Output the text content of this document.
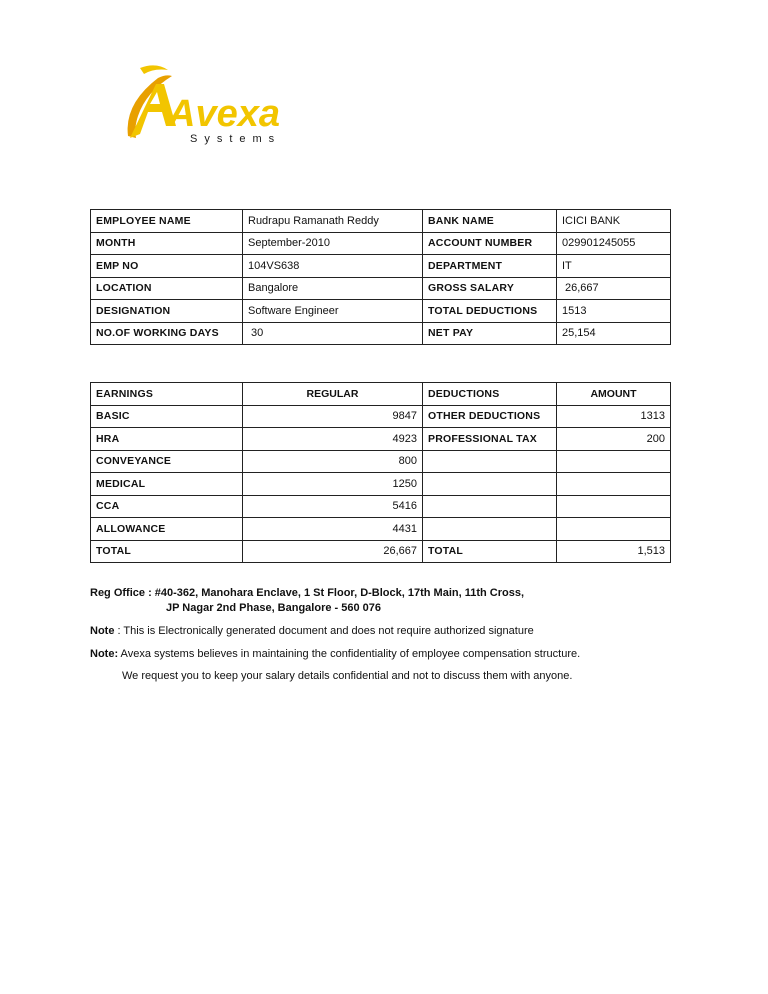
Avexa
Systems
EMPLOYEE NAME	Rudrapu Ramanath Reddy	BANK NAME	ICICI BANK
MONTH	September-2010	ACCOUNT NUMBER	029901245055
EMP NO	104VS638	DEPARTMENT	IT
LOCATION	Bangalore	GROSS SALARY	26,667
DESIGNATION	Software Engineer	TOTAL DEDUCTIONS	1513
NO.OF WORKING DAYS	30	NET PAY	25,154
EARNINGS	REGULAR	DEDUCTIONS	AMOUNT
BASIC	9847	OTHER DEDUCTIONS	1313
HRA	4923	PROFESSIONAL TAX	200
CONVEYANCE	800		
MEDICAL	1250		
CCA	5416		
ALLOWANCE	4431		
TOTAL	26,667	TOTAL	1,513
Reg Office : #40-362, Manohara Enclave, 1 St Floor, D-Block, 17th Main, 11th Cross,
JP Nagar 2nd Phase, Bangalore - 560 076
Note : This is Electronically generated document and does not require authorized signature
Note: Avexa systems believes in maintaining the confidentiality of employee compensation structure.
We request you to keep your salary details confidential and not to discuss them with anyone.
